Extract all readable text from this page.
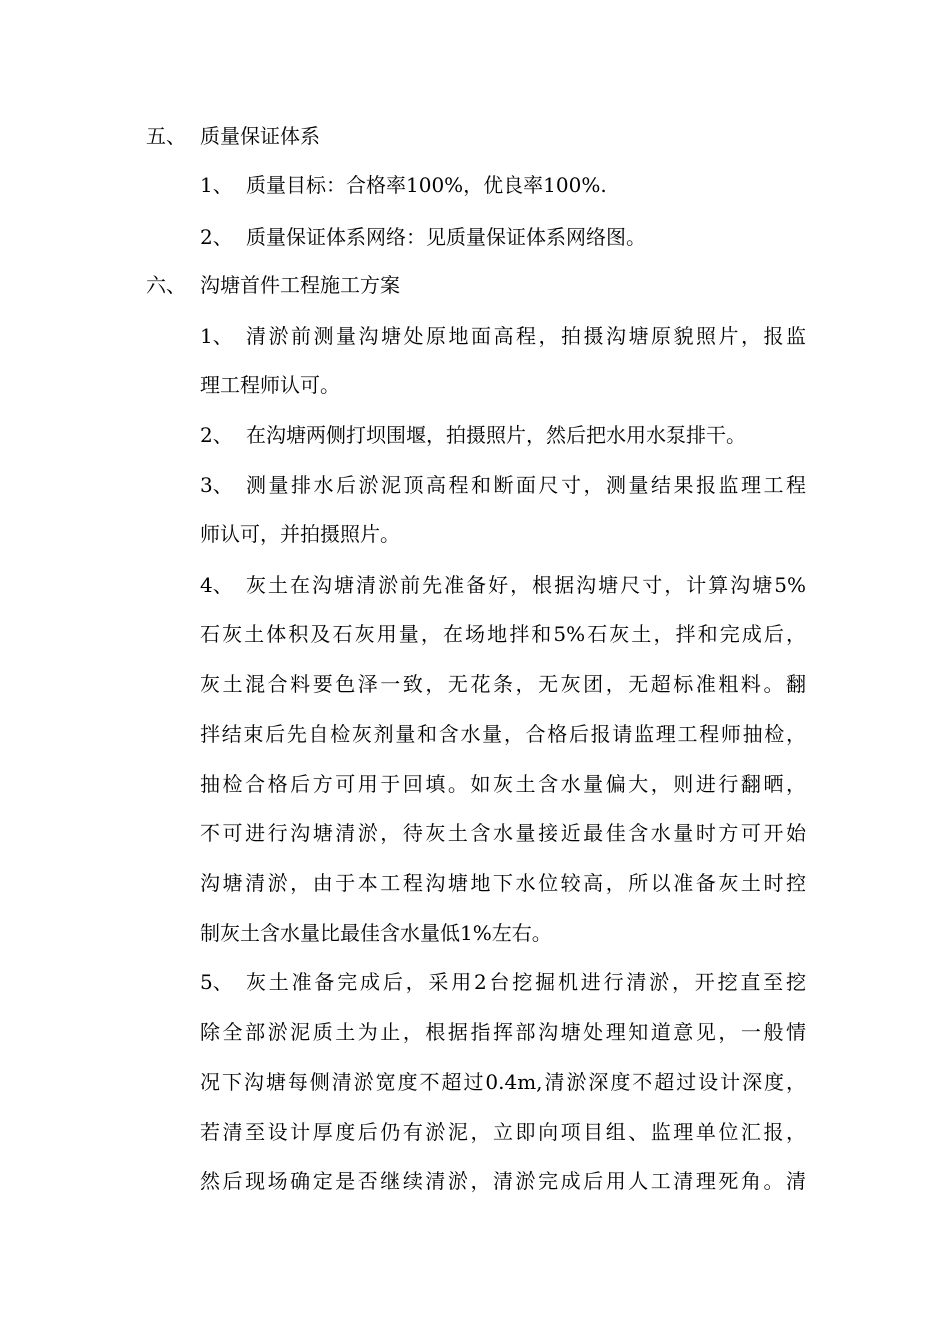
五、 质量保证体系
1、 质量目标：合格率100%，优良率100%.
2、 质量保证体系网络：见质量保证体系网络图。
六、 沟塘首件工程施工方案
1、 清淤前测量沟塘处原地面高程，拍摄沟塘原貌照片，报监
理工程师认可。
2、 在沟塘两侧打坝围堰，拍摄照片，然后把水用水泵排干。
3、 测量排水后淤泥顶高程和断面尺寸，测量结果报监理工程
师认可，并拍摄照片。
4、 灰土在沟塘清淤前先准备好，根据沟塘尺寸，计算沟塘5%
石灰土体积及石灰用量，在场地拌和5%石灰土，拌和完成后，
灰土混合料要色泽一致，无花条，无灰团，无超标准粗料。翻
拌结束后先自检灰剂量和含水量，合格后报请监理工程师抽检，
抽检合格后方可用于回填。如灰土含水量偏大，则进行翻晒，
不可进行沟塘清淤，待灰土含水量接近最佳含水量时方可开始
沟塘清淤，由于本工程沟塘地下水位较高，所以准备灰土时控
制灰土含水量比最佳含水量低1%左右。
5、 灰土准备完成后，采用2台挖掘机进行清淤，开挖直至挖
除全部淤泥质土为止，根据指挥部沟塘处理知道意见，一般情
况下沟塘每侧清淤宽度不超过0.4m,清淤深度不超过设计深度，
若清至设计厚度后仍有淤泥，立即向项目组、监理单位汇报，
然后现场确定是否继续清淤，清淤完成后用人工清理死角。清
